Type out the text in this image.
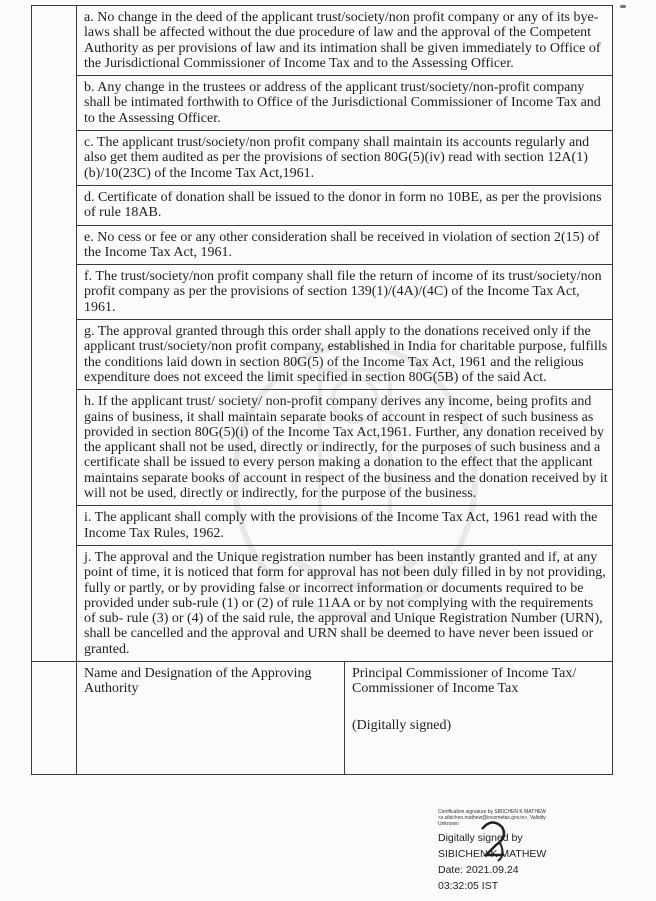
	a. No change in the deed of the applicant trust/society/non profit company or any of its bye-laws shall be affected without the due procedure of law and the approval of the Competent Authority as per provisions of law and its intimation shall be given immediately to Office of the Jurisdictional Commissioner of Income Tax and to the Assessing Officer.	
	b. Any change in the trustees or address of the applicant trust/society/non-profit company shall be intimated forthwith to Office of the Jurisdictional Commissioner of Income Tax and to the Assessing Officer.	
	c. The applicant trust/society/non profit company shall maintain its accounts regularly and also get them audited as per the provisions of section 80G(5)(iv) read with section 12A(1)(b)/10(23C) of the Income Tax Act,1961.	
	d. Certificate of donation shall be issued to the donor in form no 10BE, as per the provisions of rule 18AB.	
	e. No cess or fee or any other consideration shall be received in violation of section 2(15) of the Income Tax Act, 1961.	
	f. The trust/society/non profit company shall file the return of income of its trust/society/non profit company as per the provisions of section 139(1)/(4A)/(4C) of the Income Tax Act, 1961.	
	g. The approval granted through this order shall apply to the donations received only if the applicant trust/society/non profit company, established in India for charitable purpose, fulfills the conditions laid down in section 80G(5) of the Income Tax Act, 1961 and the religious expenditure does not exceed the limit specified in section 80G(5B) of the said Act.	
	h. If the applicant trust/ society/ non-profit company derives any income, being profits and gains of business, it shall maintain separate books of account in respect of such business as provided in section 80G(5)(i) of the Income Tax Act,1961. Further, any donation received by the applicant shall not be used, directly or indirectly, for the purposes of such business and a certificate shall be issued to every person making a donation to the effect that the applicant maintains separate books of account in respect of the business and the donation received by it will not be used, directly or indirectly, for the purpose of the business.	
	i. The applicant shall comply with the provisions of the Income Tax Act, 1961 read with the Income Tax Rules, 1962.	
	j. The approval and the Unique registration number has been instantly granted and if, at any point of time, it is noticed that form for approval has not been duly filled in by not providing, fully or partly, or by providing false or incorrect information or documents required to be provided under sub-rule (1) or (2) of rule 11AA or by not complying with the requirements of sub- rule (3) or (4) of the said rule, the approval and Unique Registration Number (URN), shall be cancelled and the approval and URN shall be deemed to have never been issued or granted.	
	Name and Designation of the Approving Authority	Principal Commissioner of Income Tax/ Commissioner of Income Tax
(Digitally signed)
Certification signature by SIBICHEN K MATHEW
<s.sibichen.mathew@incometax.gov.in>, Validity
Unknown
Digitally signed by
SIBICHEN K MATHEW
Date: 2021.09.24
03:32:05 IST
